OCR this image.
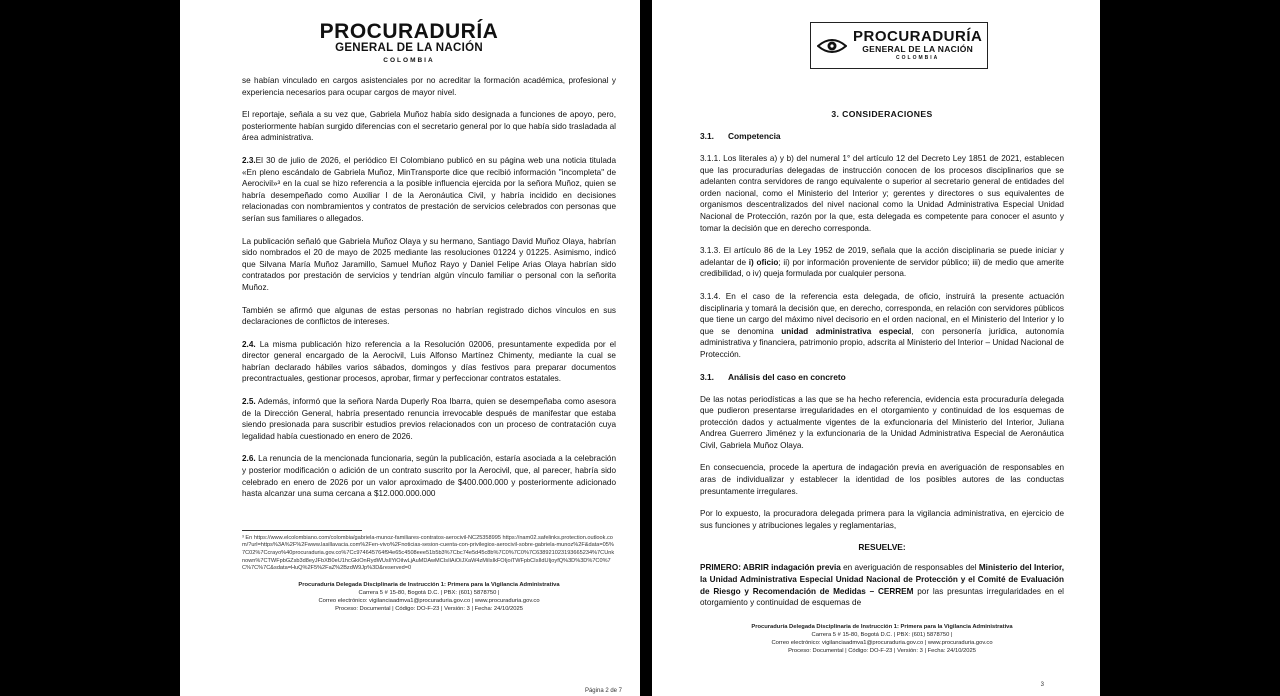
PROCURADURÍA
GENERAL DE LA NACIÓN
COLOMBIA

se habían vinculado en cargos asistenciales por no acreditar la formación académica, profesional y experiencia necesarios para ocupar cargos de mayor nivel.

El reportaje, señala a su vez que, Gabriela Muñoz había sido designada a funciones de apoyo, pero, posteriormente habían surgido diferencias con el secretario general por lo que había sido trasladada al área administrativa.

2.3.El 30 de julio de 2026, el periódico El Colombiano publicó en su página web una noticia titulada «En pleno escándalo de Gabriela Muñoz, MinTransporte dice que recibió información "incompleta" de Aerocivil»³ en la cual se hizo referencia a la posible influencia ejercida por la señora Muñoz, quien se habría desempeñado como Auxiliar I de la Aeronáutica Civil, y habría incidido en decisiones relacionadas con nombramientos y contratos de prestación de servicios celebrados con personas que serían sus familiares o allegados.

La publicación señaló que Gabriela Muñoz Olaya y su hermano, Santiago David Muñoz Olaya, habrían sido nombrados el 20 de mayo de 2025 mediante las resoluciones 01224 y 01225. Asimismo, indicó que Silvana María Muñoz Jaramillo, Samuel Muñoz Rayo y Daniel Felipe Arias Olaya habrían sido contratados por prestación de servicios y tendrían algún vínculo familiar o personal con la señorita Muñoz.

También se afirmó que algunas de estas personas no habrían registrado dichos vínculos en sus declaraciones de conflictos de intereses.

2.4. La misma publicación hizo referencia a la Resolución 02006, presuntamente expedida por el director general encargado de la Aerocivil, Luis Alfonso Martínez Chimenty, mediante la cual se habrían declarado hábiles varios sábados, domingos y días festivos para preparar documentos precontractuales, gestionar procesos, aprobar, firmar y perfeccionar contratos estatales.

2.5. Además, informó que la señora Narda Duperly Roa Ibarra, quien se desempeñaba como asesora de la Dirección General, habría presentado renuncia irrevocable después de manifestar que estaba siendo presionada para suscribir estudios previos relacionados con un proceso de contratación cuya legalidad había cuestionado en enero de 2026.

2.6. La renuncia de la mencionada funcionaria, según la publicación, estaría asociada a la celebración y posterior modificación o adición de un contrato suscrito por la Aerocivil, que, al parecer, habría sido celebrado en enero de 2026 por un valor aproximado de $400.000.000 y posteriormente adicionado hasta alcanzar una suma cercana a $12.000.000.000

³ En https://www.elcolombiano.com/colombia/gabriela-munoz-familiares-contratos-aerocivil-NC25358995 https://nam02.safelinks.protection.outlook.com/?url=https%3A%2F%2Fwww.lasillavacia.com%2Fen-vivo%2Fnoticias-sesion-cuenta-con-privilegios-aerocivil-sobre-gabriela-munoz%2F&data=05%7C02%7Ccrayo%40procuraduria.gov.co%7Cc974645764f94e65c4508eee51b5b3%7Cbc74e5d45c8b%7C0%7C0%7C638921023193665234%7CUnknown%7CTWFpbGZsb3d8eyJFbXB0eU1hcGkiOnRydWUsIlYiOiIwLjAuMDAwMCIsIlAiOiJXaW4zMiIsIkFOIjoiTWFpbCIsIldUIjoyfQ%3D%3D%7C0%7C%7C%7C&sdata=HuQ%2F5%2FaZ%2BzdW9Jp%3D&reserved=0
Procuraduría Delegada Disciplinaria de Instrucción 1: Primera para la Vigilancia Administrativa
Carrera 5 # 15-80, Bogotá D.C. | PBX: (601) 5878750 |
Correo electrónico: vigilanciaadmva1@procuraduria.gov.co | www.procuraduria.gov.co
Proceso: Documental | Código: DO-F-23 | Versión: 3 | Fecha: 24/10/2025
Página 2 de 7
PROCURADURÍA
GENERAL DE LA NACIÓN
COLOMBIA
3. CONSIDERACIONES
3.1. Competencia

3.1.1. Los literales a) y b) del numeral 1° del artículo 12 del Decreto Ley 1851 de 2021, establecen que las procuradurías delegadas de instrucción conocen de los procesos disciplinarios que se adelanten contra servidores de rango equivalente o superior al secretario general de entidades del orden nacional, como el Ministerio del Interior y; gerentes y directores o sus equivalentes de organismos descentralizados del nivel nacional como la Unidad Administrativa Especial Unidad Nacional de Protección, razón por la que, esta delegada es competente para conocer el asunto y tomar la decisión que en derecho corresponda.

3.1.3. El artículo 86 de la Ley 1952 de 2019, señala que la acción disciplinaria se puede iniciar y adelantar de i) oficio; ii) por información proveniente de servidor público; iii) de medio que amerite credibilidad, o iv) queja formulada por cualquier persona.

3.1.4. En el caso de la referencia esta delegada, de oficio, instruirá la presente actuación disciplinaria y tomará la decisión que, en derecho, corresponda, en relación con servidores públicos que tiene un cargo del máximo nivel decisorio en el orden nacional, en el Ministerio del Interior y lo que se denomina unidad administrativa especial, con personería jurídica, autonomía administrativa y financiera, patrimonio propio, adscrita al Ministerio del Interior – Unidad Nacional de Protección.

3.1. Análisis del caso en concreto

De las notas periodísticas a las que se ha hecho referencia, evidencia esta procuraduría delegada que pudieron presentarse irregularidades en el otorgamiento y continuidad de los esquemas de protección dados y actualmente vigentes de la exfuncionaria del Ministerio del Interior, Juliana Andrea Guerrero Jiménez y la exfuncionaria de la Unidad Administrativa Especial de Aeronáutica Civil, Gabriela Muñoz Olaya.

En consecuencia, procede la apertura de indagación previa en averiguación de responsables en aras de individualizar y establecer la identidad de los posibles autores de las conductas presuntamente irregulares.

Por lo expuesto, la procuradora delegada primera para la vigilancia administrativa, en ejercicio de sus funciones y atribuciones legales y reglamentarias,

RESUELVE:

PRIMERO: ABRIR indagación previa en averiguación de responsables del Ministerio del Interior, la Unidad Administrativa Especial Unidad Nacional de Protección y el Comité de Evaluación de Riesgo y Recomendación de Medidas – CERREM por las presuntas irregularidades en el otorgamiento y continuidad de esquemas de

Procuraduría Delegada Disciplinaria de Instrucción 1: Primera para la Vigilancia Administrativa
Carrera 5 # 15-80, Bogotá D.C. | PBX: (601) 5878750 |
Correo electrónico: vigilanciaadmva1@procuraduria.gov.co | www.procuraduria.gov.co
Proceso: Documental | Código: DO-F-23 | Versión: 3 | Fecha: 24/10/2025
3
